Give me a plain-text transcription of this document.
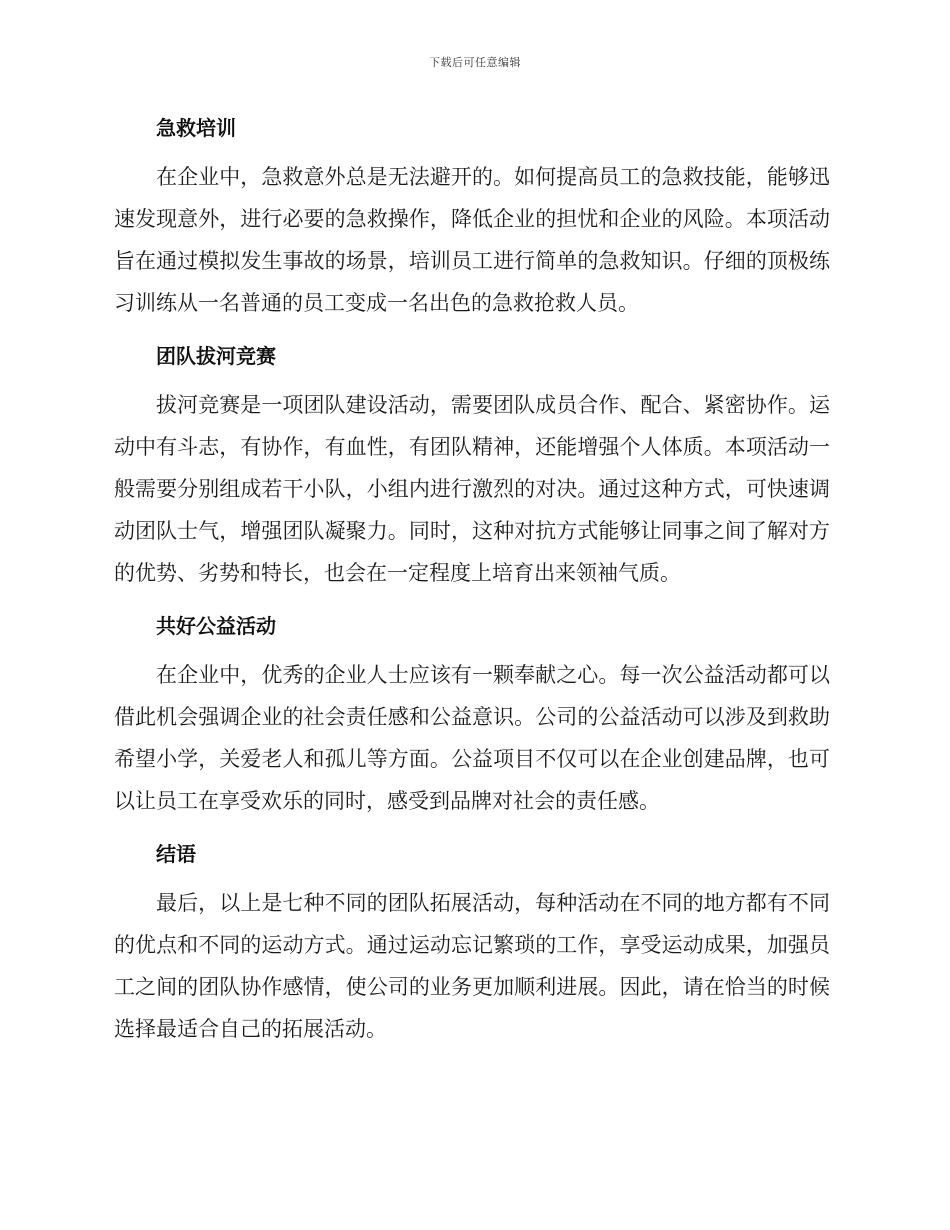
下载后可任意编辑
急救培训

在企业中，急救意外总是无法避开的。如何提高员工的急救技能，能够迅速发现意外，进行必要的急救操作，降低企业的担忧和企业的风险。本项活动旨在通过模拟发生事故的场景，培训员工进行简单的急救知识。仔细的顶极练习训练从一名普通的员工变成一名出色的急救抢救人员。

团队拔河竞赛

拔河竞赛是一项团队建设活动，需要团队成员合作、配合、紧密协作。运动中有斗志，有协作，有血性，有团队精神，还能增强个人体质。本项活动一般需要分别组成若干小队，小组内进行激烈的对决。通过这种方式，可快速调动团队士气，增强团队凝聚力。同时，这种对抗方式能够让同事之间了解对方的优势、劣势和特长，也会在一定程度上培育出来领袖气质。

共好公益活动

在企业中，优秀的企业人士应该有一颗奉献之心。每一次公益活动都可以借此机会强调企业的社会责任感和公益意识。公司的公益活动可以涉及到救助希望小学，关爱老人和孤儿等方面。公益项目不仅可以在企业创建品牌，也可以让员工在享受欢乐的同时，感受到品牌对社会的责任感。

结语

最后，以上是七种不同的团队拓展活动，每种活动在不同的地方都有不同的优点和不同的运动方式。通过运动忘记繁琐的工作，享受运动成果，加强员工之间的团队协作感情，使公司的业务更加顺利进展。因此，请在恰当的时候选择最适合自己的拓展活动。
